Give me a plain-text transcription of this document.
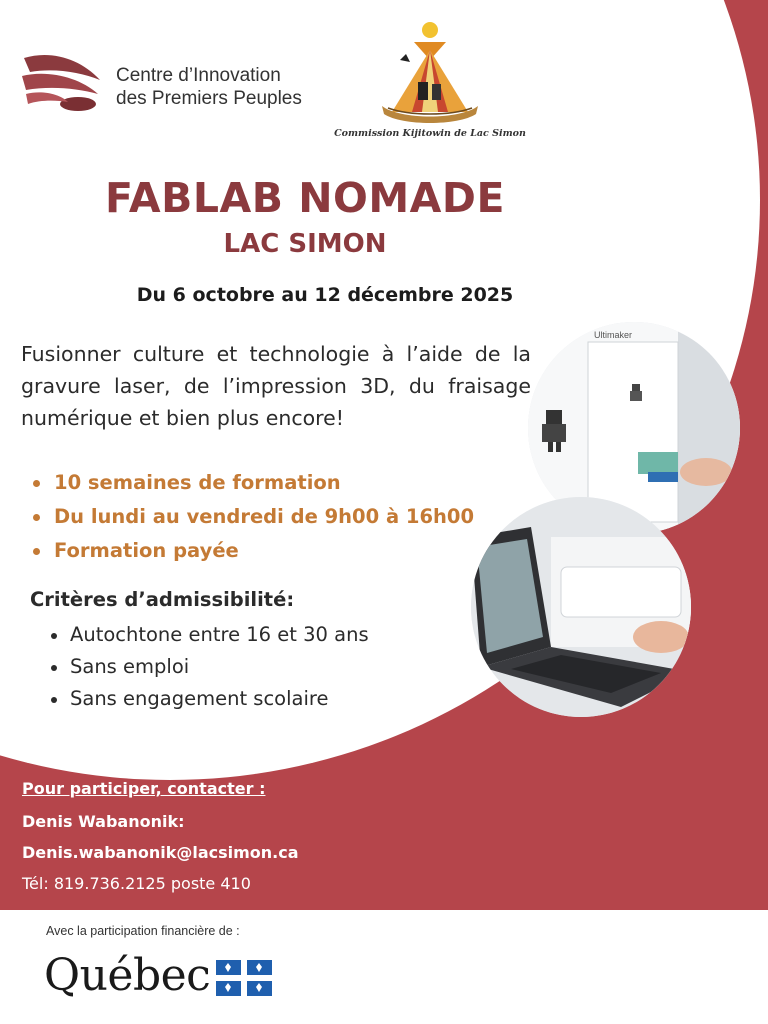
Centre d’Innovation
des Premiers Peuples
Commission Kijitowin de Lac Simon
FABLAB NOMADE
LAC SIMON
Du 6 octobre au 12 décembre 2025
Fusionner culture et technologie à l’aide de la gravure laser, de l’impression 3D, du fraisage numérique et bien plus encore!
10 semaines de formation
Du lundi au vendredi de 9h00 à 16h00
Formation payée
Critères d’admissibilité:
Autochtone entre 16 et 30 ans
Sans emploi
Sans engagement scolaire
Ultimaker
Pour participer, contacter :
Denis Wabanonik:
Denis.wabanonik@lacsimon.ca
Tél: 819.736.2125 poste 410
Avec la participation financière de :
Québec
